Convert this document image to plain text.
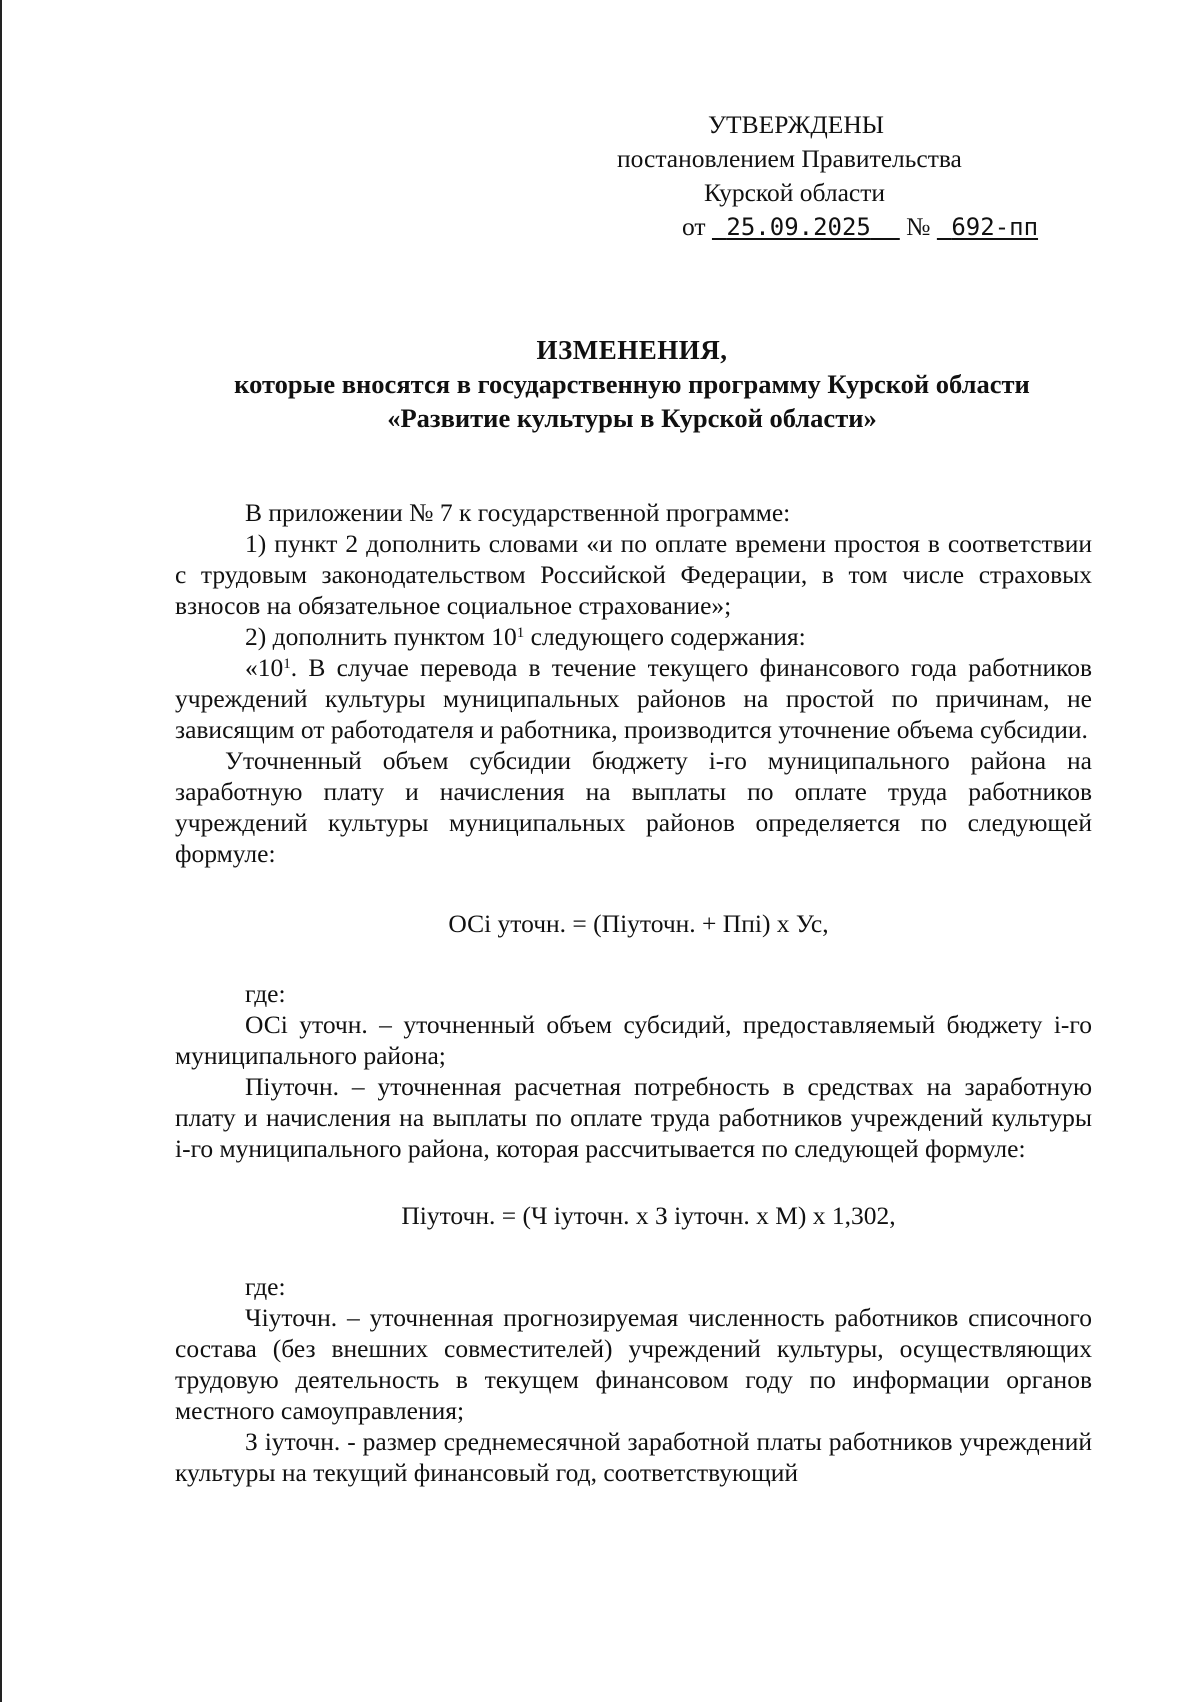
УТВЕРЖДЕНЫ
постановлением Правительства
Курской области
от 25.09.2025 № 692-пп
ИЗМЕНЕНИЯ,
которые вносятся в государственную программу Курской области
«Развитие культуры в Курской области»

В приложении № 7 к государственной программе:

1) пункт 2 дополнить словами «и по оплате времени простоя в соответствии с трудовым законодательством Российской Федерации, в том числе страховых взносов на обязательное социальное страхование»;

2) дополнить пунктом $10^1$ следующего содержания:

«$10^1$. В случае перевода в течение текущего финансового года работников учреждений культуры муниципальных районов на простой по причинам, не зависящим от работодателя и работника, производится уточнение объема субсидии.

Уточненный объем субсидии бюджету i-го муниципального района на заработную плату и начисления на выплаты по оплате труда работников учреждений культуры муниципальных районов определяется по следующей формуле:

ОСi уточн. = (Пiуточн. + Ппi) х Ус,

где:

ОСi уточн. – уточненный объем субсидий, предоставляемый бюджету i-го муниципального района;

Пiуточн. – уточненная расчетная потребность в средствах на заработную плату и начисления на выплаты по оплате труда работников учреждений культуры i-го муниципального района, которая рассчитывается по следующей формуле:

Пiуточн. = (Ч iуточн. х З iуточн. х М) х 1,302,

где:

Чiуточн. – уточненная прогнозируемая численность работников списочного состава (без внешних совместителей) учреждений культуры, осуществляющих трудовую деятельность в текущем финансовом году по информации органов местного самоуправления;

З iуточн. - размер среднемесячной заработной платы работников учреждений культуры на текущий финансовый год, соответствующий
